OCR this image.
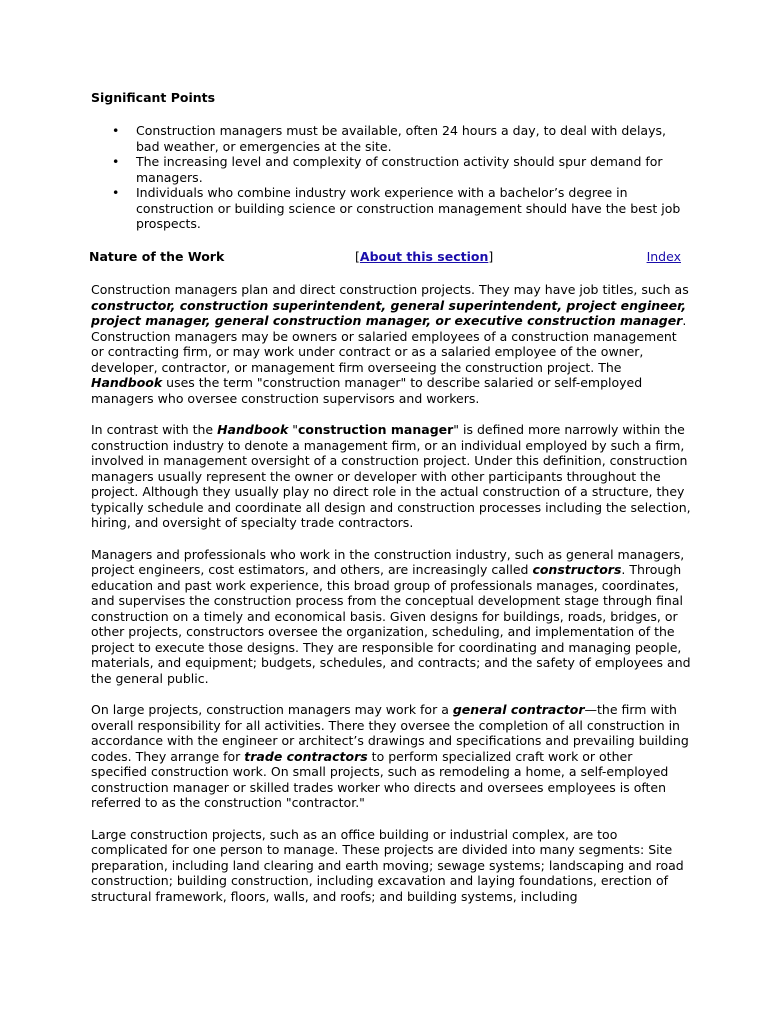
Significant Points
• Construction managers must be available, often 24 hours a day, to deal with delays, bad weather, or emergencies at the site.
• The increasing level and complexity of construction activity should spur demand for managers.
• Individuals who combine industry work experience with a bachelor’s degree in construction or building science or construction management should have the best job prospects.
Nature of the Work	[About this section]	Index

Construction managers plan and direct construction projects. They may have job titles, such as constructor, construction superintendent, general superintendent, project engineer, project manager, general construction manager, or executive construction manager. Construction managers may be owners or salaried employees of a construction management or contracting firm, or may work under contract or as a salaried employee of the owner, developer, contractor, or management firm overseeing the construction project. The Handbook uses the term "construction manager" to describe salaried or self-employed managers who oversee construction supervisors and workers.

In contrast with the Handbook "construction manager" is defined more narrowly within the construction industry to denote a management firm, or an individual employed by such a firm, involved in management oversight of a construction project. Under this definition, construction managers usually represent the owner or developer with other participants throughout the project. Although they usually play no direct role in the actual construction of a structure, they typically schedule and coordinate all design and construction processes including the selection, hiring, and oversight of specialty trade contractors.

Managers and professionals who work in the construction industry, such as general managers, project engineers, cost estimators, and others, are increasingly called constructors. Through education and past work experience, this broad group of professionals manages, coordinates, and supervises the construction process from the conceptual development stage through final construction on a timely and economical basis. Given designs for buildings, roads, bridges, or other projects, constructors oversee the organization, scheduling, and implementation of the project to execute those designs. They are responsible for coordinating and managing people, materials, and equipment; budgets, schedules, and contracts; and the safety of employees and the general public.

On large projects, construction managers may work for a general contractor—the firm with overall responsibility for all activities. There they oversee the completion of all construction in accordance with the engineer or architect’s drawings and specifications and prevailing building codes. They arrange for trade contractors to perform specialized craft work or other specified construction work. On small projects, such as remodeling a home, a self-employed construction manager or skilled trades worker who directs and oversees employees is often referred to as the construction "contractor."

Large construction projects, such as an office building or industrial complex, are too complicated for one person to manage. These projects are divided into many segments: Site preparation, including land clearing and earth moving; sewage systems; landscaping and road construction; building construction, including excavation and laying foundations, erection of structural framework, floors, walls, and roofs; and building systems, including
